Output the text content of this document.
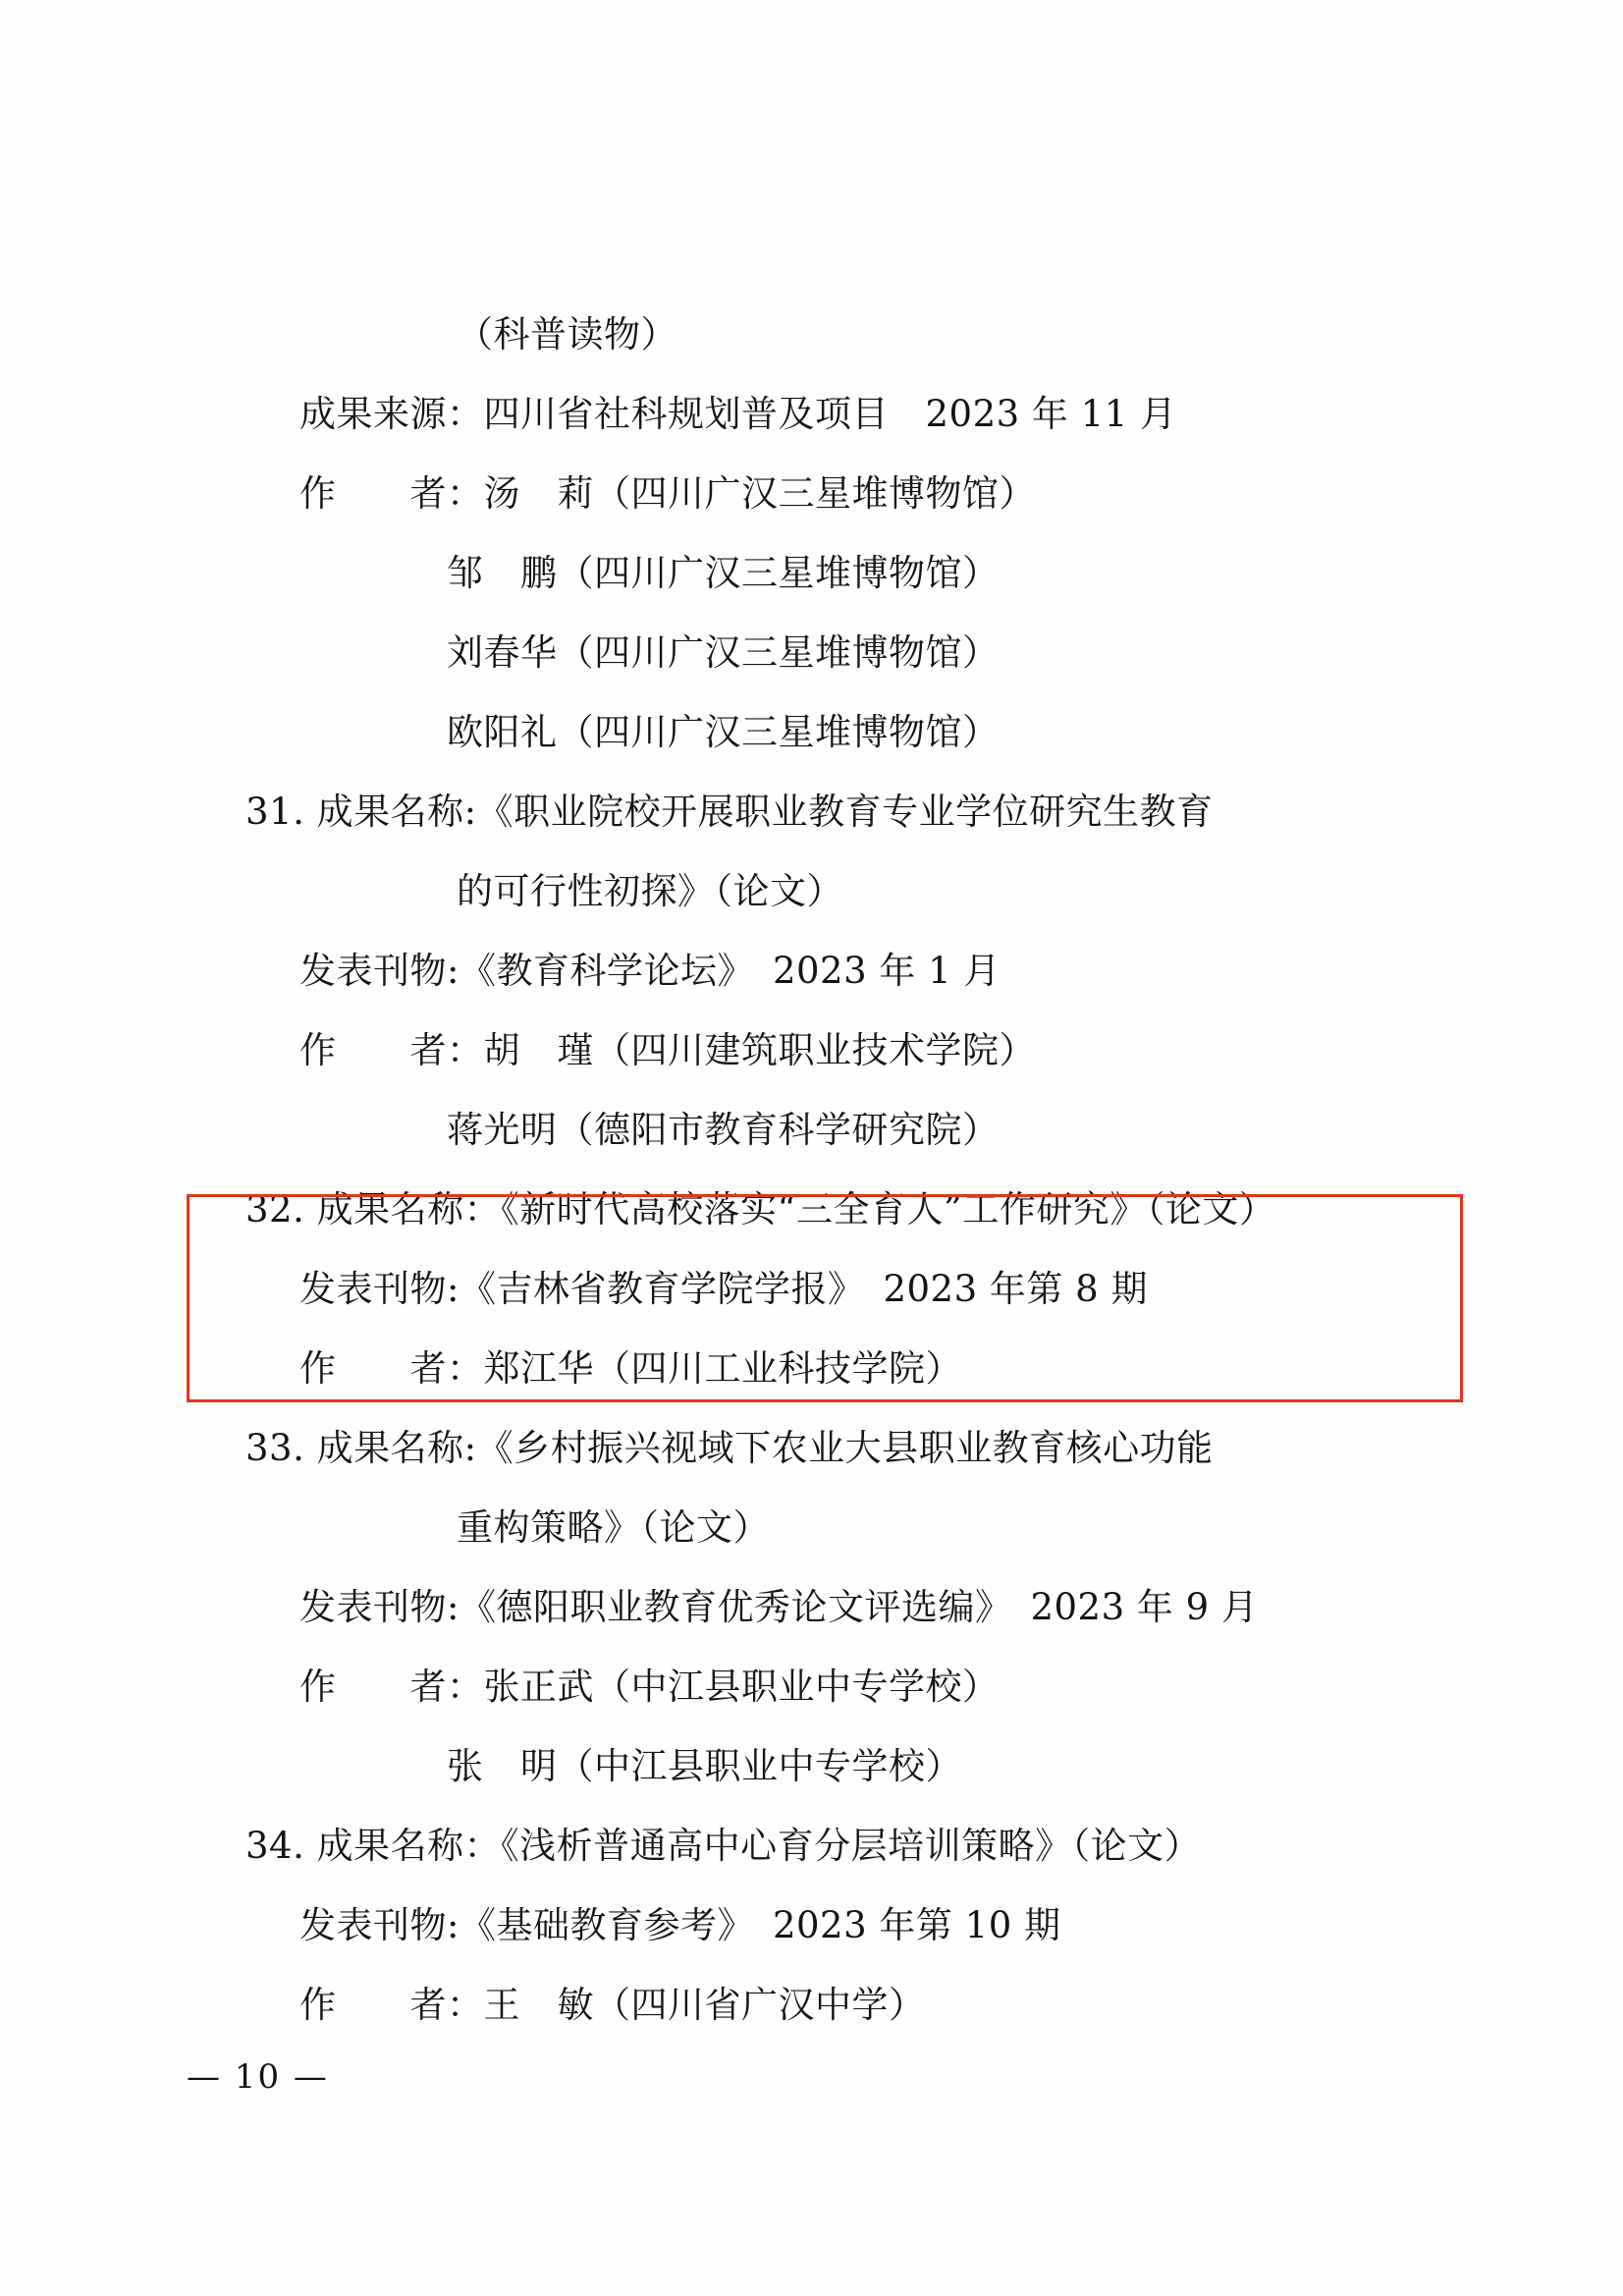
（科普读物）
成果来源：四川省社科规划普及项目　2023 年 11 月
作　　者：汤　莉（四川广汉三星堆博物馆）
邹　鹏（四川广汉三星堆博物馆）
刘春华（四川广汉三星堆博物馆）
欧阳礼（四川广汉三星堆博物馆）
31. 成果名称:《职业院校开展职业教育专业学位研究生教育
的可行性初探》（论文）
发表刊物:《教育科学论坛》　2023 年 1 月
作　　者：胡　瑾（四川建筑职业技术学院）
蒋光明（德阳市教育科学研究院）
32. 成果名称：《新时代高校落实“三全育人”工作研究》（论文）
发表刊物:《吉林省教育学院学报》　2023 年第 8 期
作　　者：郑江华（四川工业科技学院）
33. 成果名称:《乡村振兴视域下农业大县职业教育核心功能
重构策略》（论文）
发表刊物:《德阳职业教育优秀论文评选编》　2023 年 9 月
作　　者：张正武（中江县职业中专学校）
张　明（中江县职业中专学校）
34. 成果名称：《浅析普通高中心育分层培训策略》（论文）
发表刊物:《基础教育参考》　2023 年第 10 期
作　　者：王　敏（四川省广汉中学）
— 10 —
